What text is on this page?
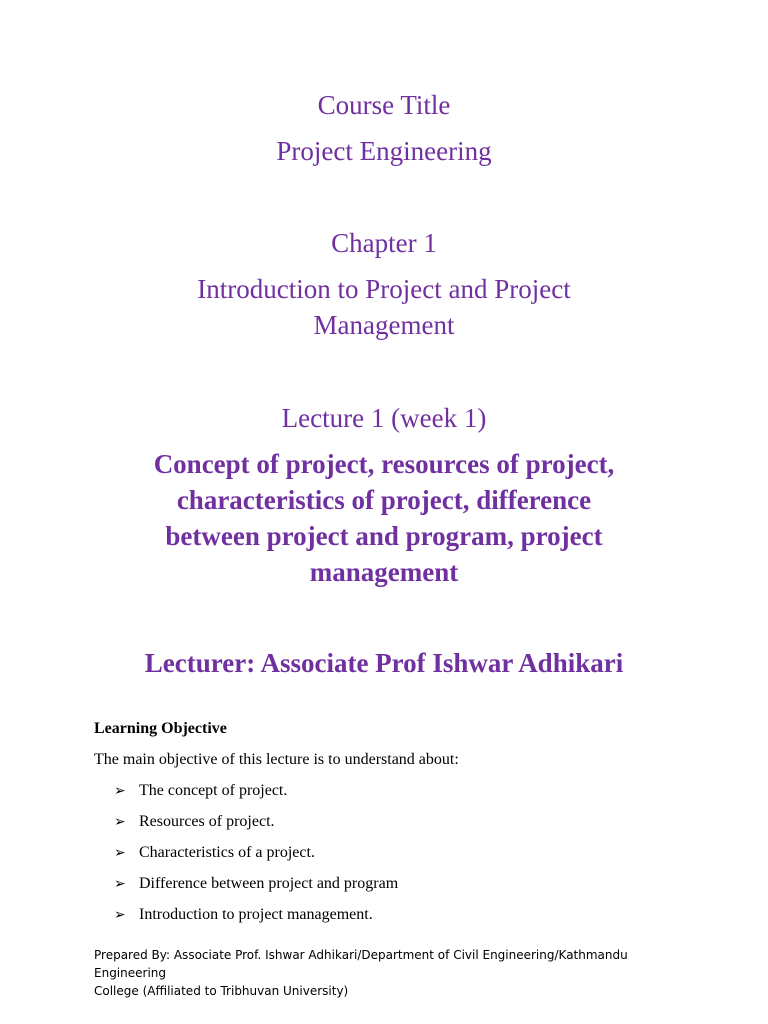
Course Title

Project Engineering

Chapter 1

Introduction to Project and Project

Management

Lecture 1 (week 1)

Concept of project, resources of project,

characteristics of project, difference

between project and program, project

management

Lecturer: Associate Prof Ishwar Adhikari

Learning Objective

The main objective of this lecture is to understand about:

➢ The concept of project.
➢ Resources of project.
➢ Characteristics of a project.
➢ Difference between project and program
➢ Introduction to project management.
Prepared By: Associate Prof. Ishwar Adhikari/Department of Civil Engineering/Kathmandu Engineering
College (Affiliated to Tribhuvan University)
